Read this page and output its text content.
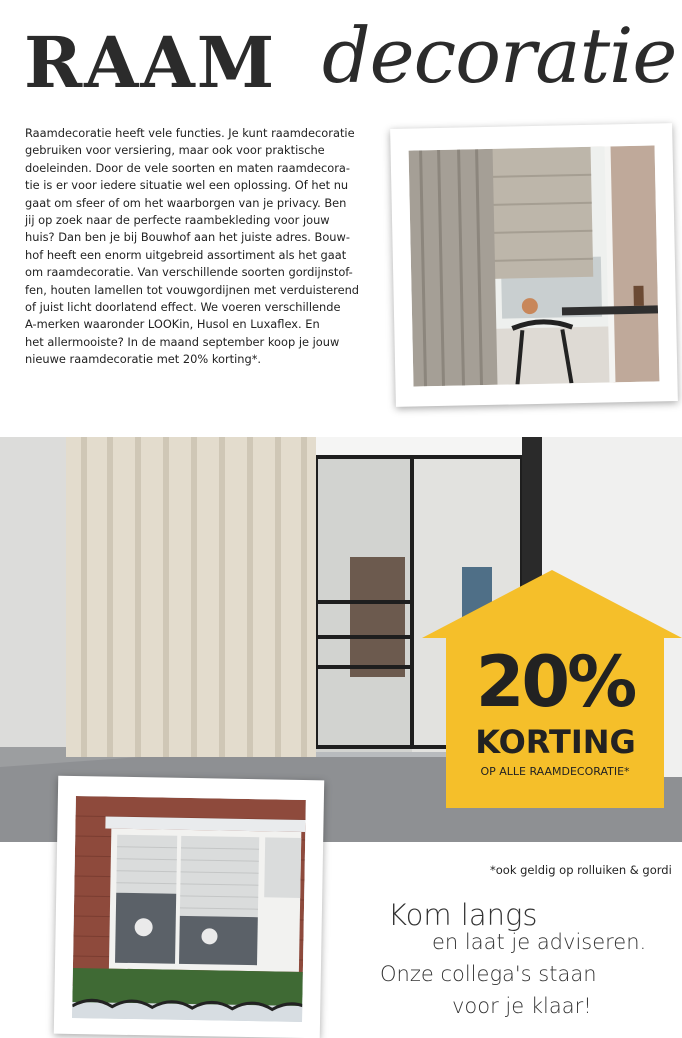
RAAM decoratie
Raamdecoratie heeft vele functies. Je kunt raamdecoratie
gebruiken voor versiering, maar ook voor praktische
doeleinden. Door de vele soorten en maten raamdecora-
tie is er voor iedere situatie wel een oplossing. Of het nu
gaat om sfeer of om het waarborgen van je privacy. Ben
jij op zoek naar de perfecte raambekleding voor jouw
huis? Dan ben je bij Bouwhof aan het juiste adres. Bouw-
hof heeft een enorm uitgebreid assortiment als het gaat
om raamdecoratie. Van verschillende soorten gordijnstof-
fen, houten lamellen tot vouwgordijnen met verduisterend
of juist licht doorlatend effect. We voeren verschillende
A-merken waaronder LOOKin, Husol en Luxaflex. En
het allermooiste? In de maand september koop je jouw
nieuwe raamdecoratie met 20% korting*.
20%
KORTING
OP ALLE RAAMDECORATIE*
*ook geldig op rolluiken & gordi
Kom langs
en laat je adviseren.
Onze collega's staan
voor je klaar!
